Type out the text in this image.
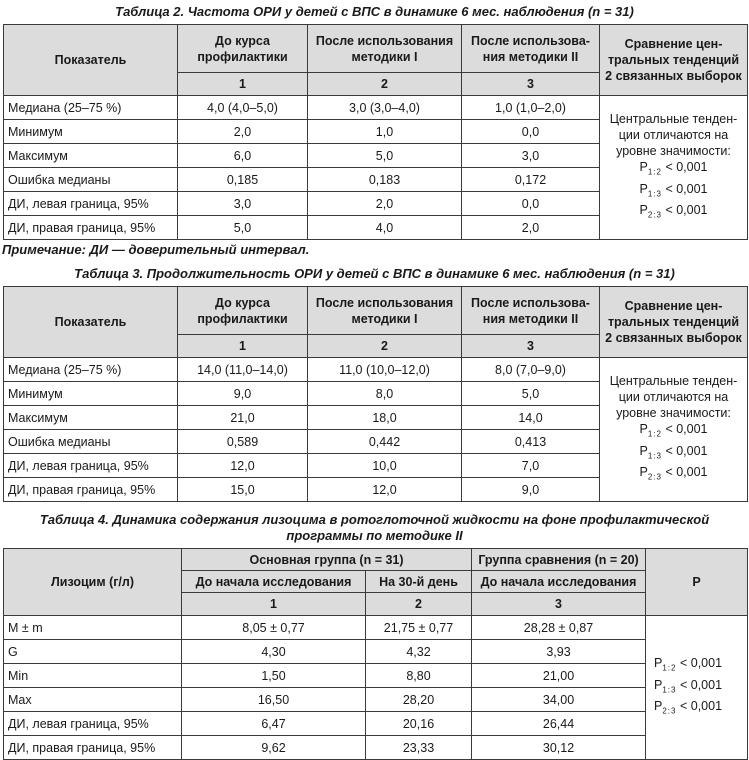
Таблица 2. Частота ОРИ у детей с ВПС в динамике 6 мес. наблюдения (n = 31)

Показатель	До курса профилактики	После использования методики I	После использования методики II	Сравнение центральных тенденций 2 связанных выборок
	1	2	3	
Медиана (25–75 %)	4,0 (4,0–5,0)	3,0 (3,0–4,0)	1,0 (1,0–2,0)	Центральные тенденции отличаются на уровне значимости:
$P_{1:2} < 0,001$
$P_{1:3} < 0,001$
$P_{2:3} < 0,001$

Минимум	2,0	1,0	0,0	
Максимум	6,0	5,0	3,0	
Ошибка медианы	0,185	0,183	0,172	
ДИ, левая граница, 95%	3,0	2,0	0,0	
ДИ, правая граница, 95%	5,0	4,0	2,0	

Примечание: ДИ — доверительный интервал.

Таблица 3. Продолжительность ОРИ у детей с ВПС в динамике 6 мес. наблюдения (n = 31)

Показатель	До курса профилактики	После использования методики I	После использования методики II	Сравнение центральных тенденций 2 связанных выборок
	1	2	3	
Медиана (25–75 %)	14,0 (11,0–14,0)	11,0 (10,0–12,0)	8,0 (7,0–9,0)	Центральные тенденции отличаются на уровне значимости:
$P_{1:2} < 0,001$
$P_{1:3} < 0,001$
$P_{2:3} < 0,001$

Минимум	9,0	8,0	5,0	
Максимум	21,0	18,0	14,0	
Ошибка медианы	0,589	0,442	0,413	
ДИ, левая граница, 95%	12,0	10,0	7,0	
ДИ, правая граница, 95%	15,0	12,0	9,0	

Таблица 4. Динамика содержания лизоцима в ротоглоточной жидкости на фоне профилактической

программы по методике II

Лизоцим (г/л)	Основная группа (n = 31)		Группа сравнения (n = 20)	P
	До начала исследования	На 30-й день	До начала исследования	
	1	2	3	
M ± m	8,05 ± 0,77	21,75 ± 0,77	28,28 ± 0,87	$P_{1:2} < 0,001$
$P_{1:3} < 0,001$
$P_{2:3} < 0,001$

G	4,30	4,32	3,93	
Min	1,50	8,80	21,00	
Max	16,50	28,20	34,00	
ДИ, левая граница, 95%	6,47	20,16	26,44	
ДИ, правая граница, 95%	9,62	23,33	30,12	
